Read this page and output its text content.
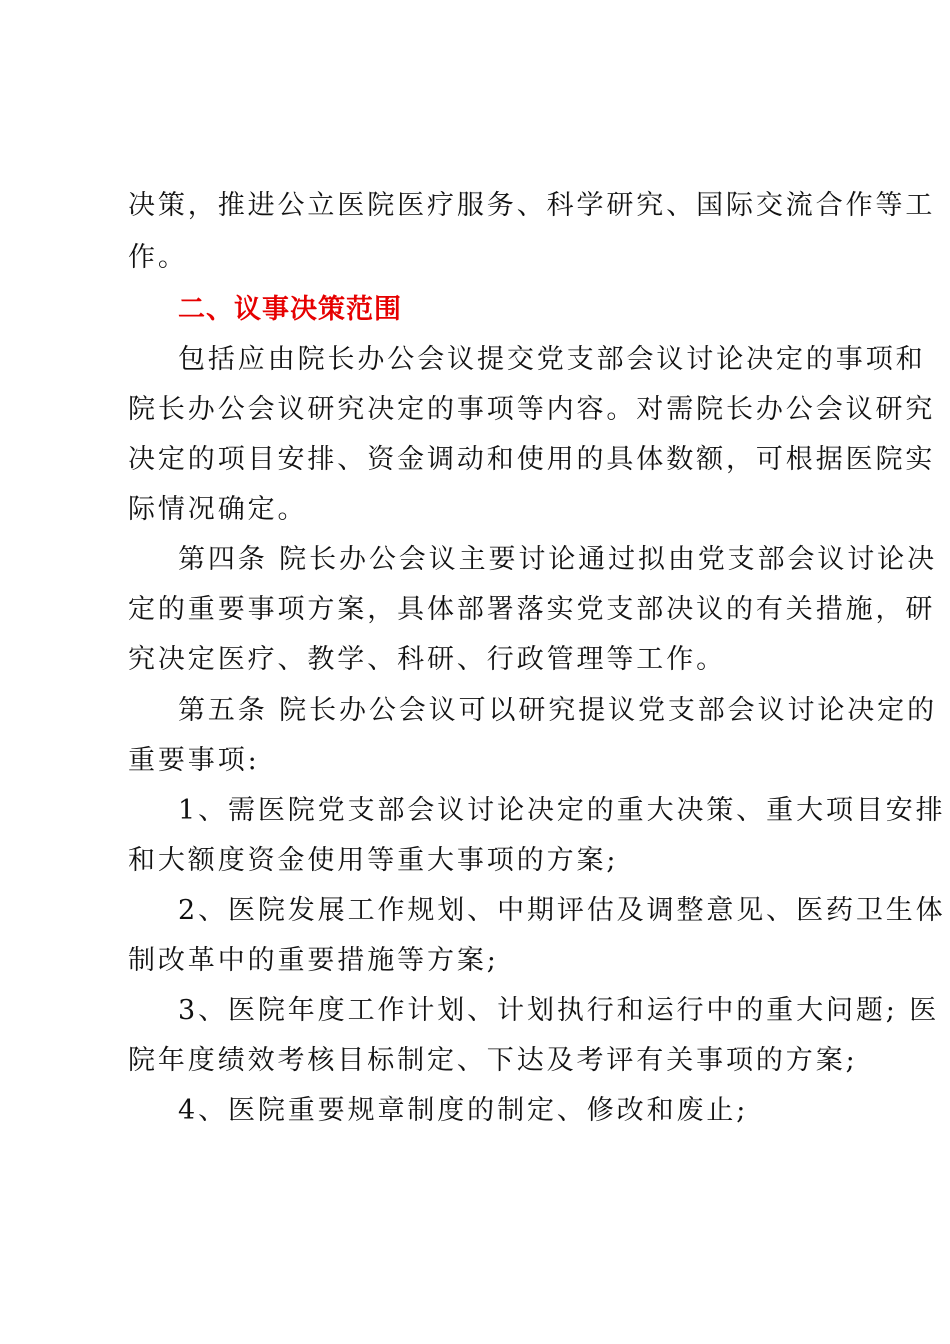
决策，推进公立医院医疗服务、科学研究、国际交流合作等工
作。
二、议事决策范围
包括应由院长办公会议提交党支部会议讨论决定的事项和
院长办公会议研究决定的事项等内容。对需院长办公会议研究
决定的项目安排、资金调动和使用的具体数额，可根据医院实
际情况确定。
第四条 院长办公会议主要讨论通过拟由党支部会议讨论决
定的重要事项方案，具体部署落实党支部决议的有关措施，研
究决定医疗、教学、科研、行政管理等工作。
第五条 院长办公会议可以研究提议党支部会议讨论决定的
重要事项:
1、需医院党支部会议讨论决定的重大决策、重大项目安排
和大额度资金使用等重大事项的方案;
2、医院发展工作规划、中期评估及调整意见、医药卫生体
制改革中的重要措施等方案;
3、医院年度工作计划、计划执行和运行中的重大问题; 医
院年度绩效考核目标制定、下达及考评有关事项的方案;
4、医院重要规章制度的制定、修改和废止;
